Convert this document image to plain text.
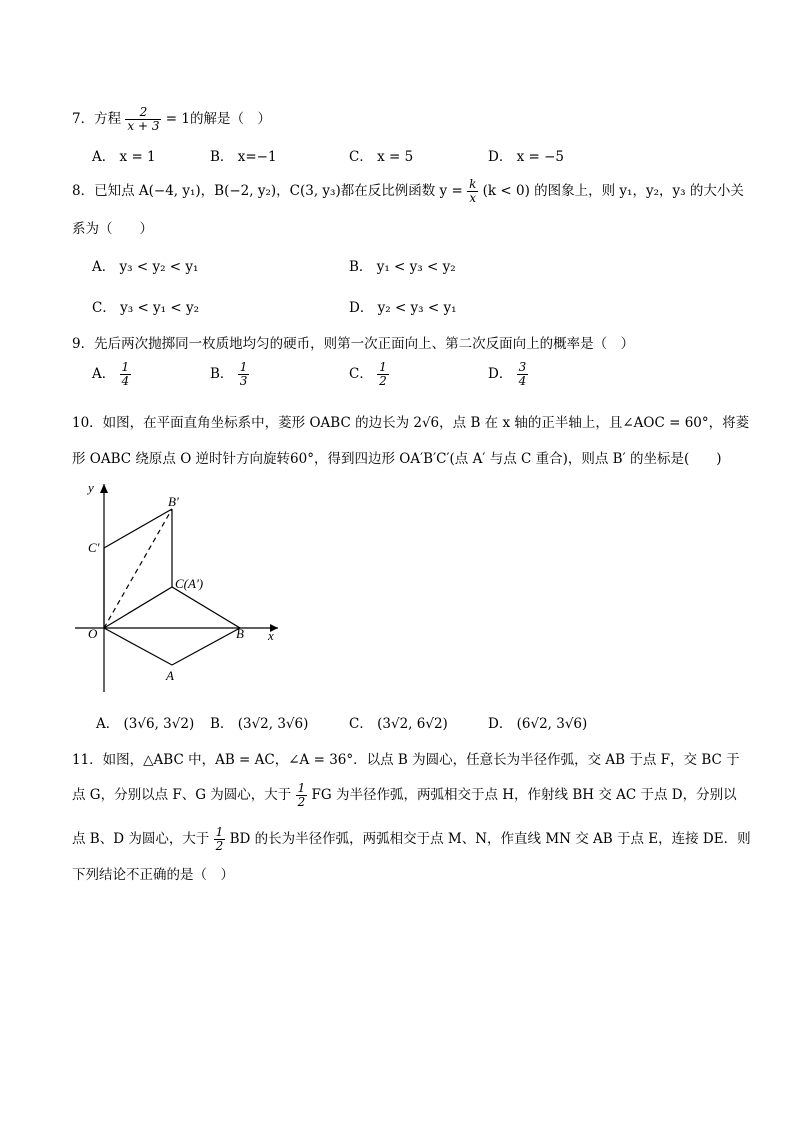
7．方程 $\frac{2}{x + 3} = 1$的解是（　）
A． x = 1	B． x=−1	C． x = 5	D． x = −5
8．已知点 A(−4, y₁)，B(−2, y₂)，C(3, y₃)都在反比例函数 $y = \frac{k}{x} (k < 0)$ 的图象上，则 y₁，y₂，y₃ 的大小关
系为（　　）
A． y₃ < y₂ < y₁	B． y₁ < y₃ < y₂
C． y₃ < y₁ < y₂	D． y₂ < y₃ < y₁
9．先后两次抛掷同一枚质地均匀的硬币，则第一次正面向上、第二次反面向上的概率是（　）
A． $\frac{1}{4}$	B． $\frac{1}{3}$	C． $\frac{1}{2}$	D． $\frac{3}{4}$
10．如图，在平面直角坐标系中，菱形 OABC 的边长为 2√6，点 B 在 x 轴的正半轴上，且∠AOC = 60°，将菱
形 OABC 绕原点 O 逆时针方向旋转60°，得到四边形 OA′B′C′(点 A′ 与点 C 重合)，则点 B′ 的坐标是(　　)
y
x
O	B
A
C(A′)
B′
C′
A． (3√6, 3√2) B． (3√2, 3√6)	C． (3√2, 6√2)	D． (6√2, 3√6)
11．如图，△ABC 中，AB = AC，∠A = 36°．以点 B 为圆心，任意长为半径作弧，交 AB 于点 F，交 BC 于
点 G，分别以点 F、G 为圆心，大于 $\frac{1}{2}$ FG 为半径作弧，两弧相交于点 H，作射线 BH 交 AC 于点 D，分别以
点 B、D 为圆心，大于 $\frac{1}{2}$ BD 的长为半径作弧，两弧相交于点 M、N，作直线 MN 交 AB 于点 E，连接 DE．则
下列结论不正确的是（　）
